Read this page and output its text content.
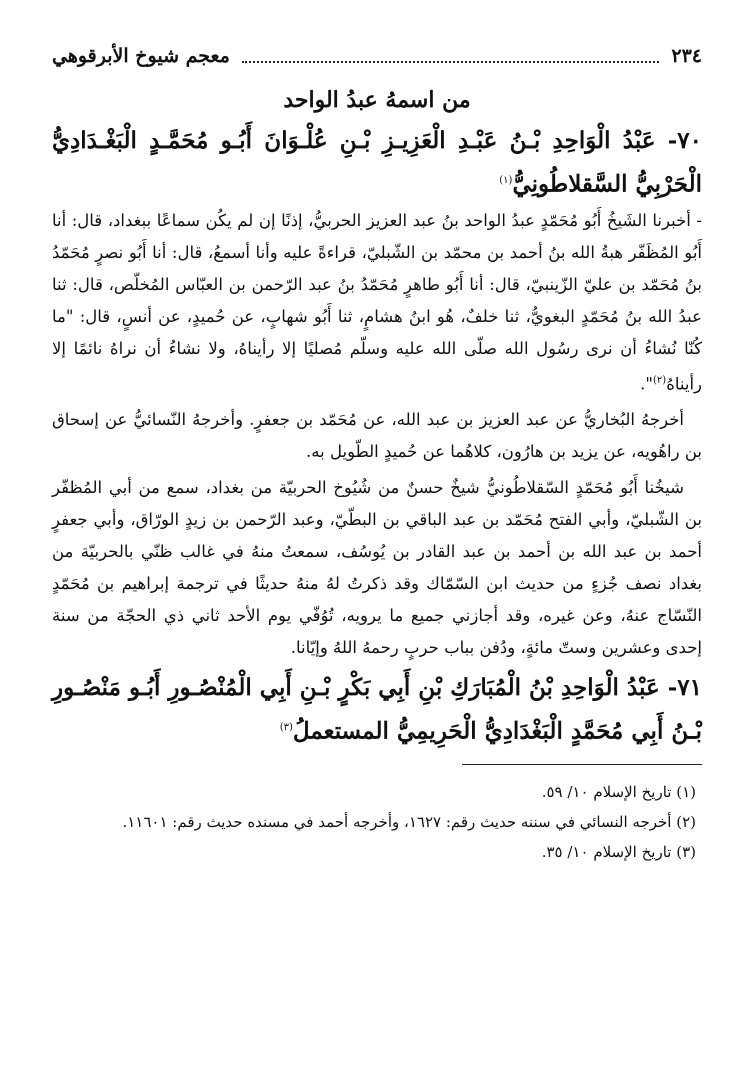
٢٣٤
معجم شيوخ الأبرقوهي
من اسمهُ عبدُ الواحد
٧٠- عَبْدُ الْوَاحِدِ بْـنُ عَبْـدِ الْعَزِيـزِ بْـنِ عُلْـوَانَ أَبُـو مُحَمَّـدٍ الْبَغْـدَادِيُّ الْحَرْبِيُّ السَّقلاطُونِيُّ$^{(١)}$

- أخبرنا الشَيخُ أَبُو مُحَمّدٍ عبدُ الواحد بنُ عبد العزيز الحربيُّ، إذنًا إن لم يكُن سماعًا ببغداد، قال: أنا أَبُو المُظَفّر هبةُ الله بنُ أحمد بن محمّد بن الشّبليّ، قراءةً عليه وأنا أسمعُ، قال: أنا أَبُو نصرٍ مُحَمّدُ بنُ مُحَمّد بن عليّ الزّينبيّ، قال: أنا أَبُو طاهرٍ مُحَمّدُ بنُ عبد الرّحمن بن العبّاس المُخلّص، قال: ثنا عبدُ الله بنُ مُحَمّدٍ البغويُّ، ثنا خلفٌ، هُو ابنُ هشامٍ، ثنا أَبُو شهابٍ، عن حُميدٍ، عن أنسٍ، قال: "ما كُنّا نُشاءُ أن نرى رسُول الله صلّى الله عليه وسلّم مُصليًا إلا رأيناهُ، ولا نشاءُ أن نراهُ نائمًا إلا رأيناهُ$^{(٢)}$".

أخرجهُ البُخاريُّ عن عبد العزيز بن عبد الله، عن مُحَمّد بن جعفرٍ. وأخرجهُ النّسائيُّ عن إسحاق بن راهُويه، عن يزيد بن هارُون، كلاهُما عن حُميدٍ الطّويل به.

شيخُنا أَبُو مُحَمّدٍ السّقلاطُونيُّ شيخٌ حسنٌ من شُيُوخ الحربيّة من بغداد، سمع من أبي المُظفّر بن الشّبليّ، وأبي الفتح مُحَمّد بن عبد الباقي بن البطّيّ، وعبد الرّحمن بن زيدٍ الورّاق، وأبي جعفرٍ أحمد بن عبد الله بن أحمد بن عبد القادر بن يُوسُف، سمعتُ منهُ في غالب ظنّي بالحربيّة من بغداد نصف جُزءٍ من حديث ابن السّمّاك وقد ذكرتُ لهُ منهُ حديثًا في ترجمة إبراهيم بن مُحَمّدٍ النّسّاج عنهُ، وعن غيره، وقد أجازني جميع ما يرويه، تُوُفّي يوم الأحد ثاني ذي الحجّة من سنة إحدى وعشرين وستّ مائةٍ، ودُفن بباب حربٍ رحمهُ اللهُ وإيّانا.

٧١- عَبْدُ الْوَاحِدِ بْنُ الْمُبَارَكِ بْنِ أَبِي بَكْرٍ بْـنِ أَبِي الْمُنْصُـورِ أَبُـو مَنْصُـورِ بْـنُ أَبِي مُحَمَّدٍ الْبَغْدَادِيُّ الْحَرِيمِيُّ المستعملُ$^{(٣)}$
(١) تاريخ الإسلام ١٠/ ٥٩.
(٢) أخرجه النسائي في سننه حديث رقم: ١٦٢٧، وأخرجه أحمد في مسنده حديث رقم: ١١٦٠١.
(٣) تاريخ الإسلام ١٠/ ٣٥.
